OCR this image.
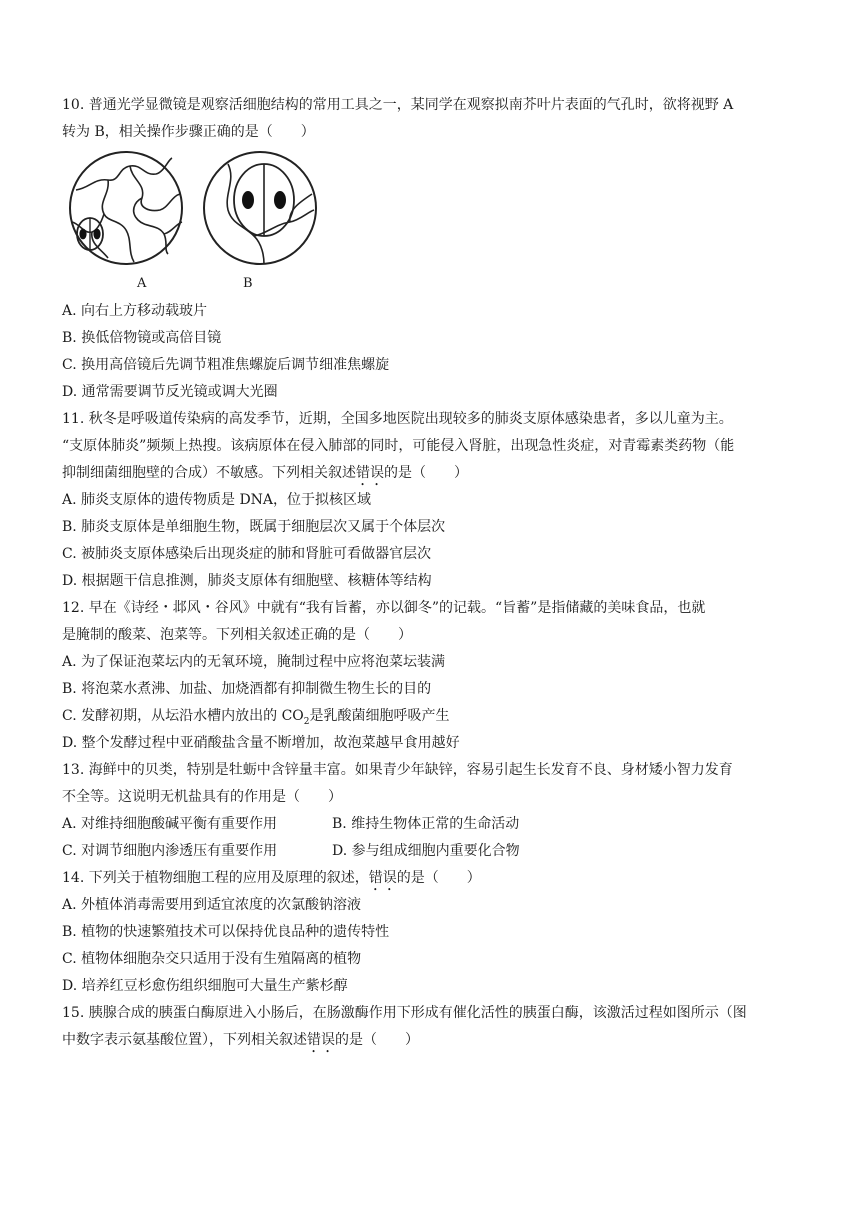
10. 普通光学显微镜是观察活细胞结构的常用工具之一，某同学在观察拟南芥叶片表面的气孔时，欲将视野 A
转为 B，相关操作步骤正确的是（　　）
A	B
A. 向右上方移动载玻片
B. 换低倍物镜或高倍目镜
C. 换用高倍镜后先调节粗准焦螺旋后调节细准焦螺旋
D. 通常需要调节反光镜或调大光圈
11. 秋冬是呼吸道传染病的高发季节，近期，全国多地医院出现较多的肺炎支原体感染患者，多以儿童为主。
“支原体肺炎”频频上热搜。该病原体在侵入肺部的同时，可能侵入肾脏，出现急性炎症，对青霉素类药物（能
抑制细菌细胞壁的合成）不敏感。下列相关叙述错误的是（　　）
A. 肺炎支原体的遗传物质是 DNA，位于拟核区域
B. 肺炎支原体是单细胞生物，既属于细胞层次又属于个体层次
C. 被肺炎支原体感染后出现炎症的肺和肾脏可看做器官层次
D. 根据题干信息推测，肺炎支原体有细胞壁、核糖体等结构
12. 早在《诗经・邶风・谷风》中就有“我有旨蓄，亦以御冬”的记载。“旨蓄”是指储藏的美味食品，也就
是腌制的酸菜、泡菜等。下列相关叙述正确的是（　　）
A. 为了保证泡菜坛内的无氧环境，腌制过程中应将泡菜坛装满
B. 将泡菜水煮沸、加盐、加烧酒都有抑制微生物生长的目的
C. 发酵初期，从坛沿水槽内放出的 $CO_2$是乳酸菌细胞呼吸产生
D. 整个发酵过程中亚硝酸盐含量不断增加，故泡菜越早食用越好
13. 海鲜中的贝类，特别是牡蛎中含锌量丰富。如果青少年缺锌，容易引起生长发育不良、身材矮小智力发育
不全等。这说明无机盐具有的作用是（　　）
A. 对维持细胞酸碱平衡有重要作用	B. 维持生物体正常的生命活动
C. 对调节细胞内渗透压有重要作用	D. 参与组成细胞内重要化合物
14. 下列关于植物细胞工程的应用及原理的叙述，错误的是（　　）
A. 外植体消毒需要用到适宜浓度的次氯酸钠溶液
B. 植物的快速繁殖技术可以保持优良品种的遗传特性
C. 植物体细胞杂交只适用于没有生殖隔离的植物
D. 培养红豆杉愈伤组织细胞可大量生产紫杉醇
15. 胰腺合成的胰蛋白酶原进入小肠后，在肠激酶作用下形成有催化活性的胰蛋白酶，该激活过程如图所示（图
中数字表示氨基酸位置），下列相关叙述错误的是（　　）
